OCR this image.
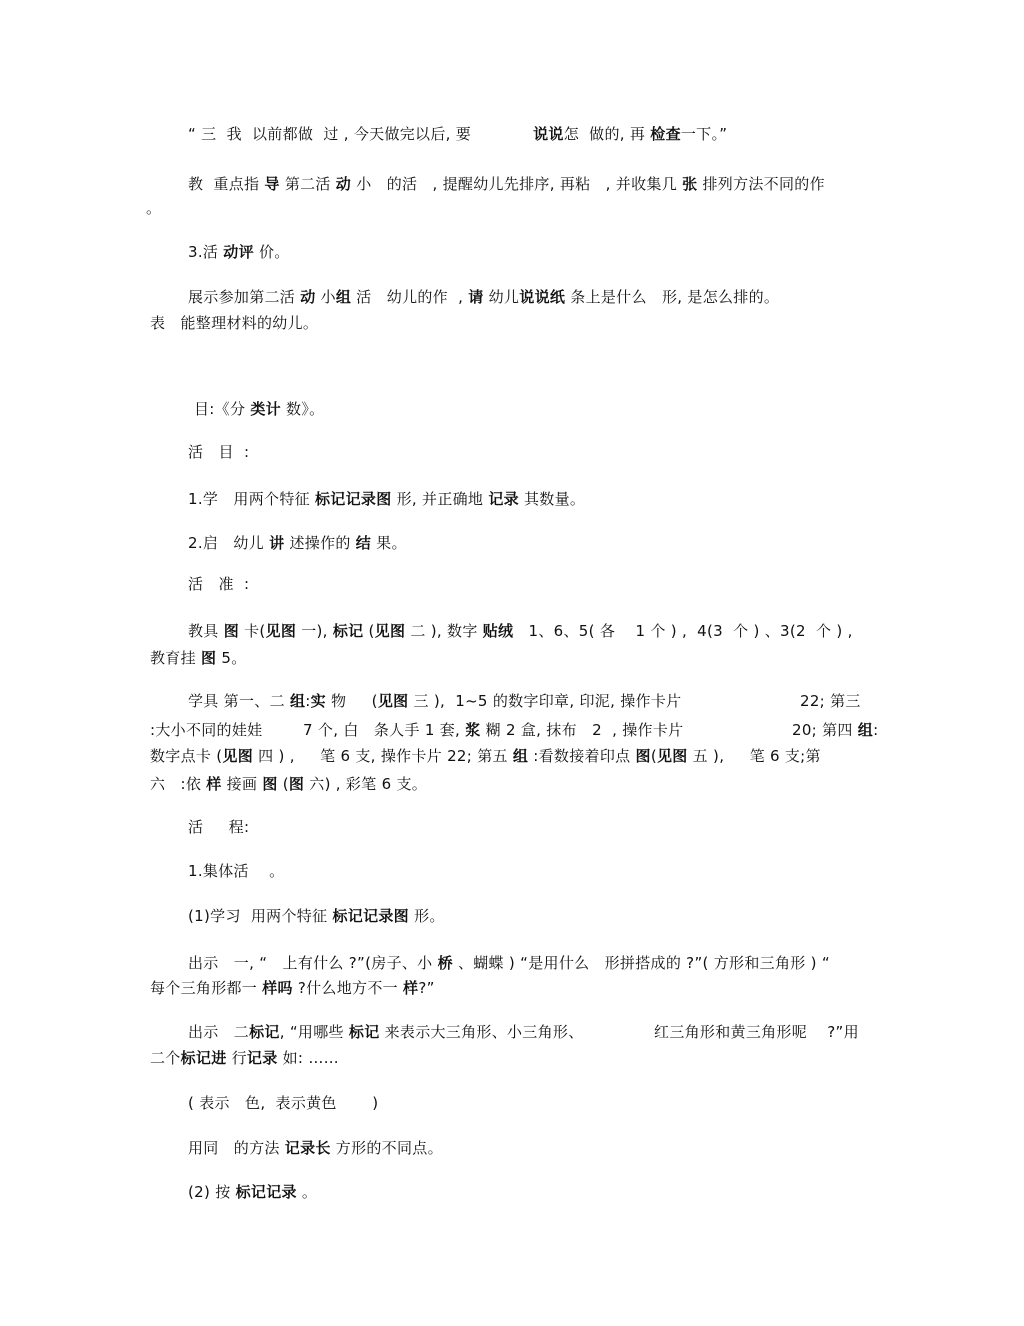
“ 三  我  以前都做  过 , 今天做完以后, 要	说说怎  做的, 再 检查一下。”
教  重点指 导 第二活 动 小   的活   , 提醒幼儿先排序, 再粘   , 并收集几 张 排列方法不同的作
。
3.活 动评 价。
展示参加第二活 动 小组 活   幼儿的作  , 请 幼儿说说纸 条上是什么   形, 是怎么排的。
表   能整理材料的幼儿。
目:《分 类计 数》。
活   目  :
1.学   用两个特征 标记记录图 形, 并正确地 记录 其数量。
2.启   幼儿 讲 述操作的 结 果。
活   准  :
教具 图 卡(见图 一), 标记 (见图 二 ), 数字 贴绒   1、6、5( 各    1 个 ) ,  4(3  个 ) 、3(2  个 ) ,
教育挂 图 5。
学具 第一、二 组:实 物     (见图 三 ),  1~5 的数字印章, 印泥, 操作卡片	22; 第三
:大小不同的娃娃        7 个, 白   条人手 1 套, 浆 糊 2 盒, 抹布   2  , 操作卡片	20; 第四 组:
数字点卡 (见图 四 ) ,     笔 6 支, 操作卡片 22; 第五 组 :看数接着印点 图(见图 五 ),     笔 6 支;第
六   :依 样 接画 图 (图 六) , 彩笔 6 支。
活     程:
1.集体活    。
(1)学习  用两个特征 标记记录图 形。
出示   一, “   上有什么 ?”(房子、小 桥 、蝴蝶 ) “是用什么   形拼搭成的 ?”( 方形和三角形 ) “
每个三角形都一 样吗 ?什么地方不一 样?”
出示   二标记, “用哪些 标记 来表示大三角形、小三角形、	红三角形和黄三角形呢 ?”用
二个标记进 行记录 如: ……
( 表示   色,  表示黄色       )
用同   的方法 记录长 方形的不同点。
(2) 按 标记记录 。
